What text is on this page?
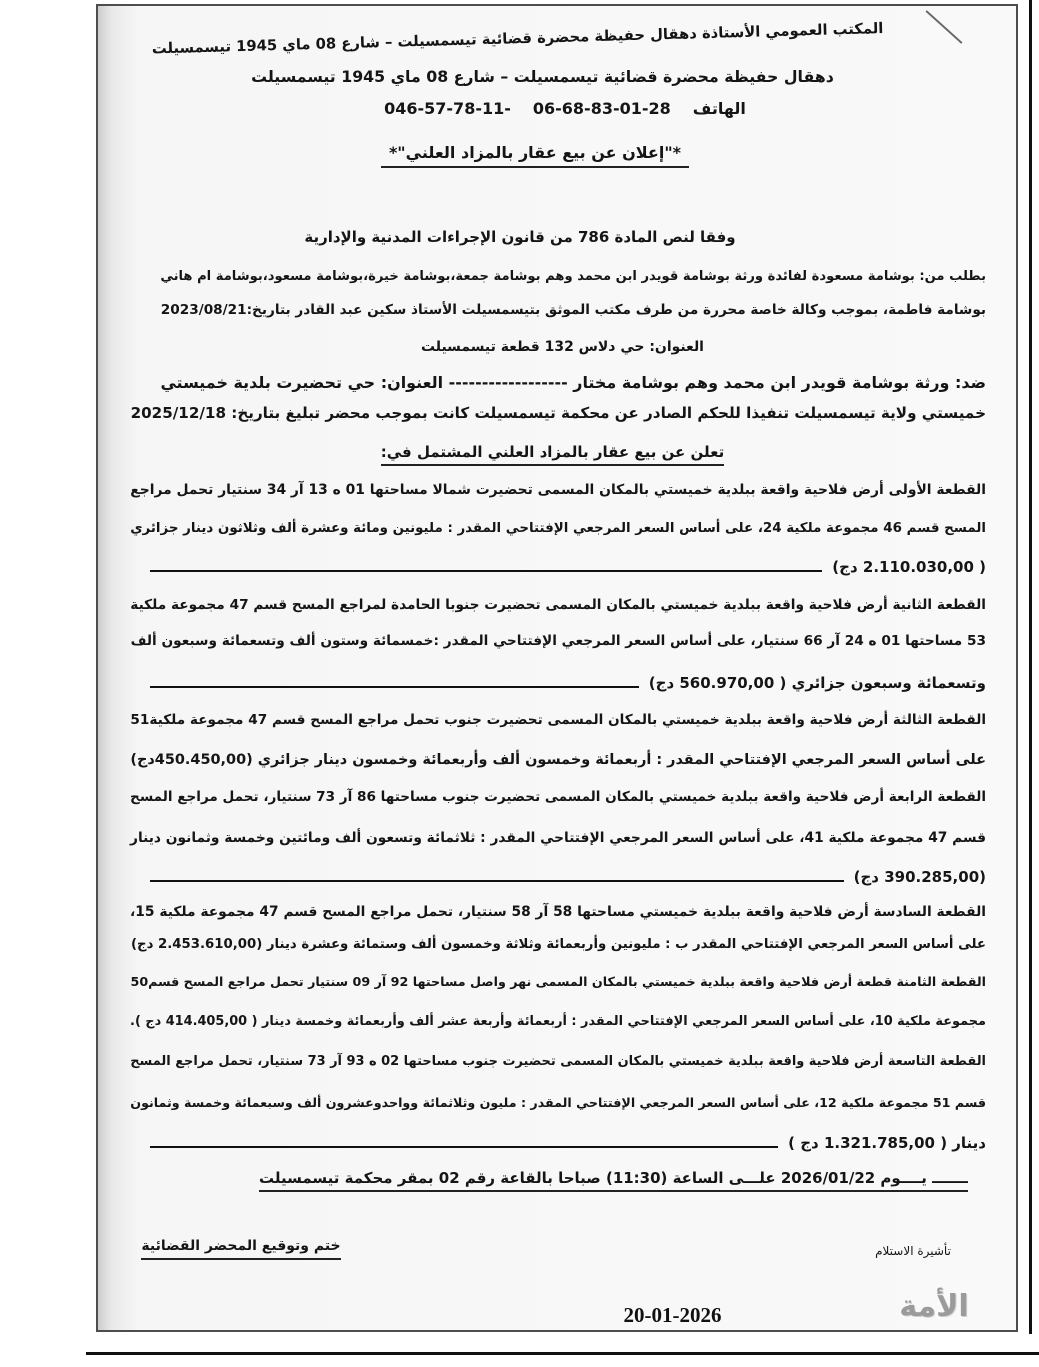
المكتب العمومي الأستاذة دهقال حفيظة محضرة قضائية تيسمسيلت – شارع 08 ماي 1945 تيسمسيلت
دهقال حفيظة محضرة قضائية تيسمسيلت – شارع 08 ماي 1945 تيسمسيلت
الهاتف06-68-83-01-28046-57-78-11-
*"إعلان عن بيع عقار بالمزاد العلني"*
وفقا لنص المادة 786 من قانون الإجراءات المدنية والإدارية
بطلب من: بوشامة مسعودة لفائدة ورثة بوشامة قويدر ابن محمد وهم بوشامة جمعة،بوشامة خيرة،بوشامة مسعود،بوشامة ام هاني
بوشامة فاطمة، بموجب وكالة خاصة محررة من طرف مكتب الموثق بتيسمسيلت الأستاذ سكين عبد القادر بتاريخ:2023/08/21
العنوان: حي دلاس 132 قطعة تيسمسيلت
ضد: ورثة بوشامة قويدر ابن محمد وهم بوشامة مختار ------------------ العنوان: حي تحضيرت بلدية خميستي
خميستي ولاية تيسمسيلت تنفيذا للحكم الصادر عن محكمة تيسمسيلت كانت بموجب محضر تبليغ بتاريخ: 2025/12/18
تعلن عن بيع عقار بالمزاد العلني المشتمل في:
القطعة الأولى أرض فلاحية واقعة ببلدية خميستي بالمكان المسمى تحضيرت شمالا مساحتها 01 ه 13 آر 34 سنتيار تحمل مراجع
المسح قسم 46 مجموعة ملكية 24، على أساس السعر المرجعي الإفتتاحي المقدر : مليونين ومائة وعشرة ألف وثلاثون دينار جزائري
( 2.110.030,00 دج)
القطعة الثانية أرض فلاحية واقعة ببلدية خميستي بالمكان المسمى تحضيرت جنوبا الحامدة لمراجع المسح قسم 47 مجموعة ملكية
53 مساحتها 01 ه 24 آر 66 سنتيار، على أساس السعر المرجعي الإفتتاحي المقدر :خمسمائة وستون ألف وتسعمائة وسبعون ألف
وتسعمائة وسبعون جزائري ( 560.970,00 دج)
القطعة الثالثة أرض فلاحية واقعة ببلدية خميستي بالمكان المسمى تحضيرت جنوب تحمل مراجع المسح قسم 47 مجموعة ملكية51
على أساس السعر المرجعي الإفتتاحي المقدر : أربعمائة وخمسون ألف وأربعمائة وخمسون دينار جزائري (450.450,00دج)
القطعة الرابعة أرض فلاحية واقعة ببلدية خميستي بالمكان المسمى تحضيرت جنوب مساحتها 86 آر 73 سنتيار، تحمل مراجع المسح
قسم 47 مجموعة ملكية 41، على أساس السعر المرجعي الإفتتاحي المقدر : ثلاثمائة وتسعون ألف ومائتين وخمسة وثمانون دينار
(390.285,00 دج)
القطعة السادسة أرض فلاحية واقعة ببلدية خميستي مساحتها 58 آر 58 سنتيار، تحمل مراجع المسح قسم 47 مجموعة ملكية 15،
على أساس السعر المرجعي الإفتتاحي المقدر ب : مليونين وأربعمائة وثلاثة وخمسون ألف وستمائة وعشرة دينار (2.453.610,00 دج)
القطعة الثامنة قطعة أرض فلاحية واقعة ببلدية خميستي بالمكان المسمى نهر واصل مساحتها 92 آر 09 سنتيار تحمل مراجع المسح قسم50
مجموعة ملكية 10، على أساس السعر المرجعي الإفتتاحي المقدر : أربعمائة وأربعة عشر ألف وأربعمائة وخمسة دينار ( 414.405,00 دج ).
القطعة التاسعة أرض فلاحية واقعة ببلدية خميستي بالمكان المسمى تحضيرت جنوب مساحتها 02 ه 93 آر 73 سنتيار، تحمل مراجع المسح
قسم 51 مجموعة ملكية 12، على أساس السعر المرجعي الإفتتاحي المقدر : مليون وثلاثمائة وواحدوعشرون ألف وسبعمائة وخمسة وثمانون
دينار ( 1.321.785,00 دج )
ـــــــ يــــوم 2026/01/22 علـــى الساعة (11:30) صباحا بالقاعة رقم 02 بمقر محكمة تيسمسيلت
ختم وتوقيع المحضر القضائية	تأشيرة الاستلام
20-01-2026	الأمة
